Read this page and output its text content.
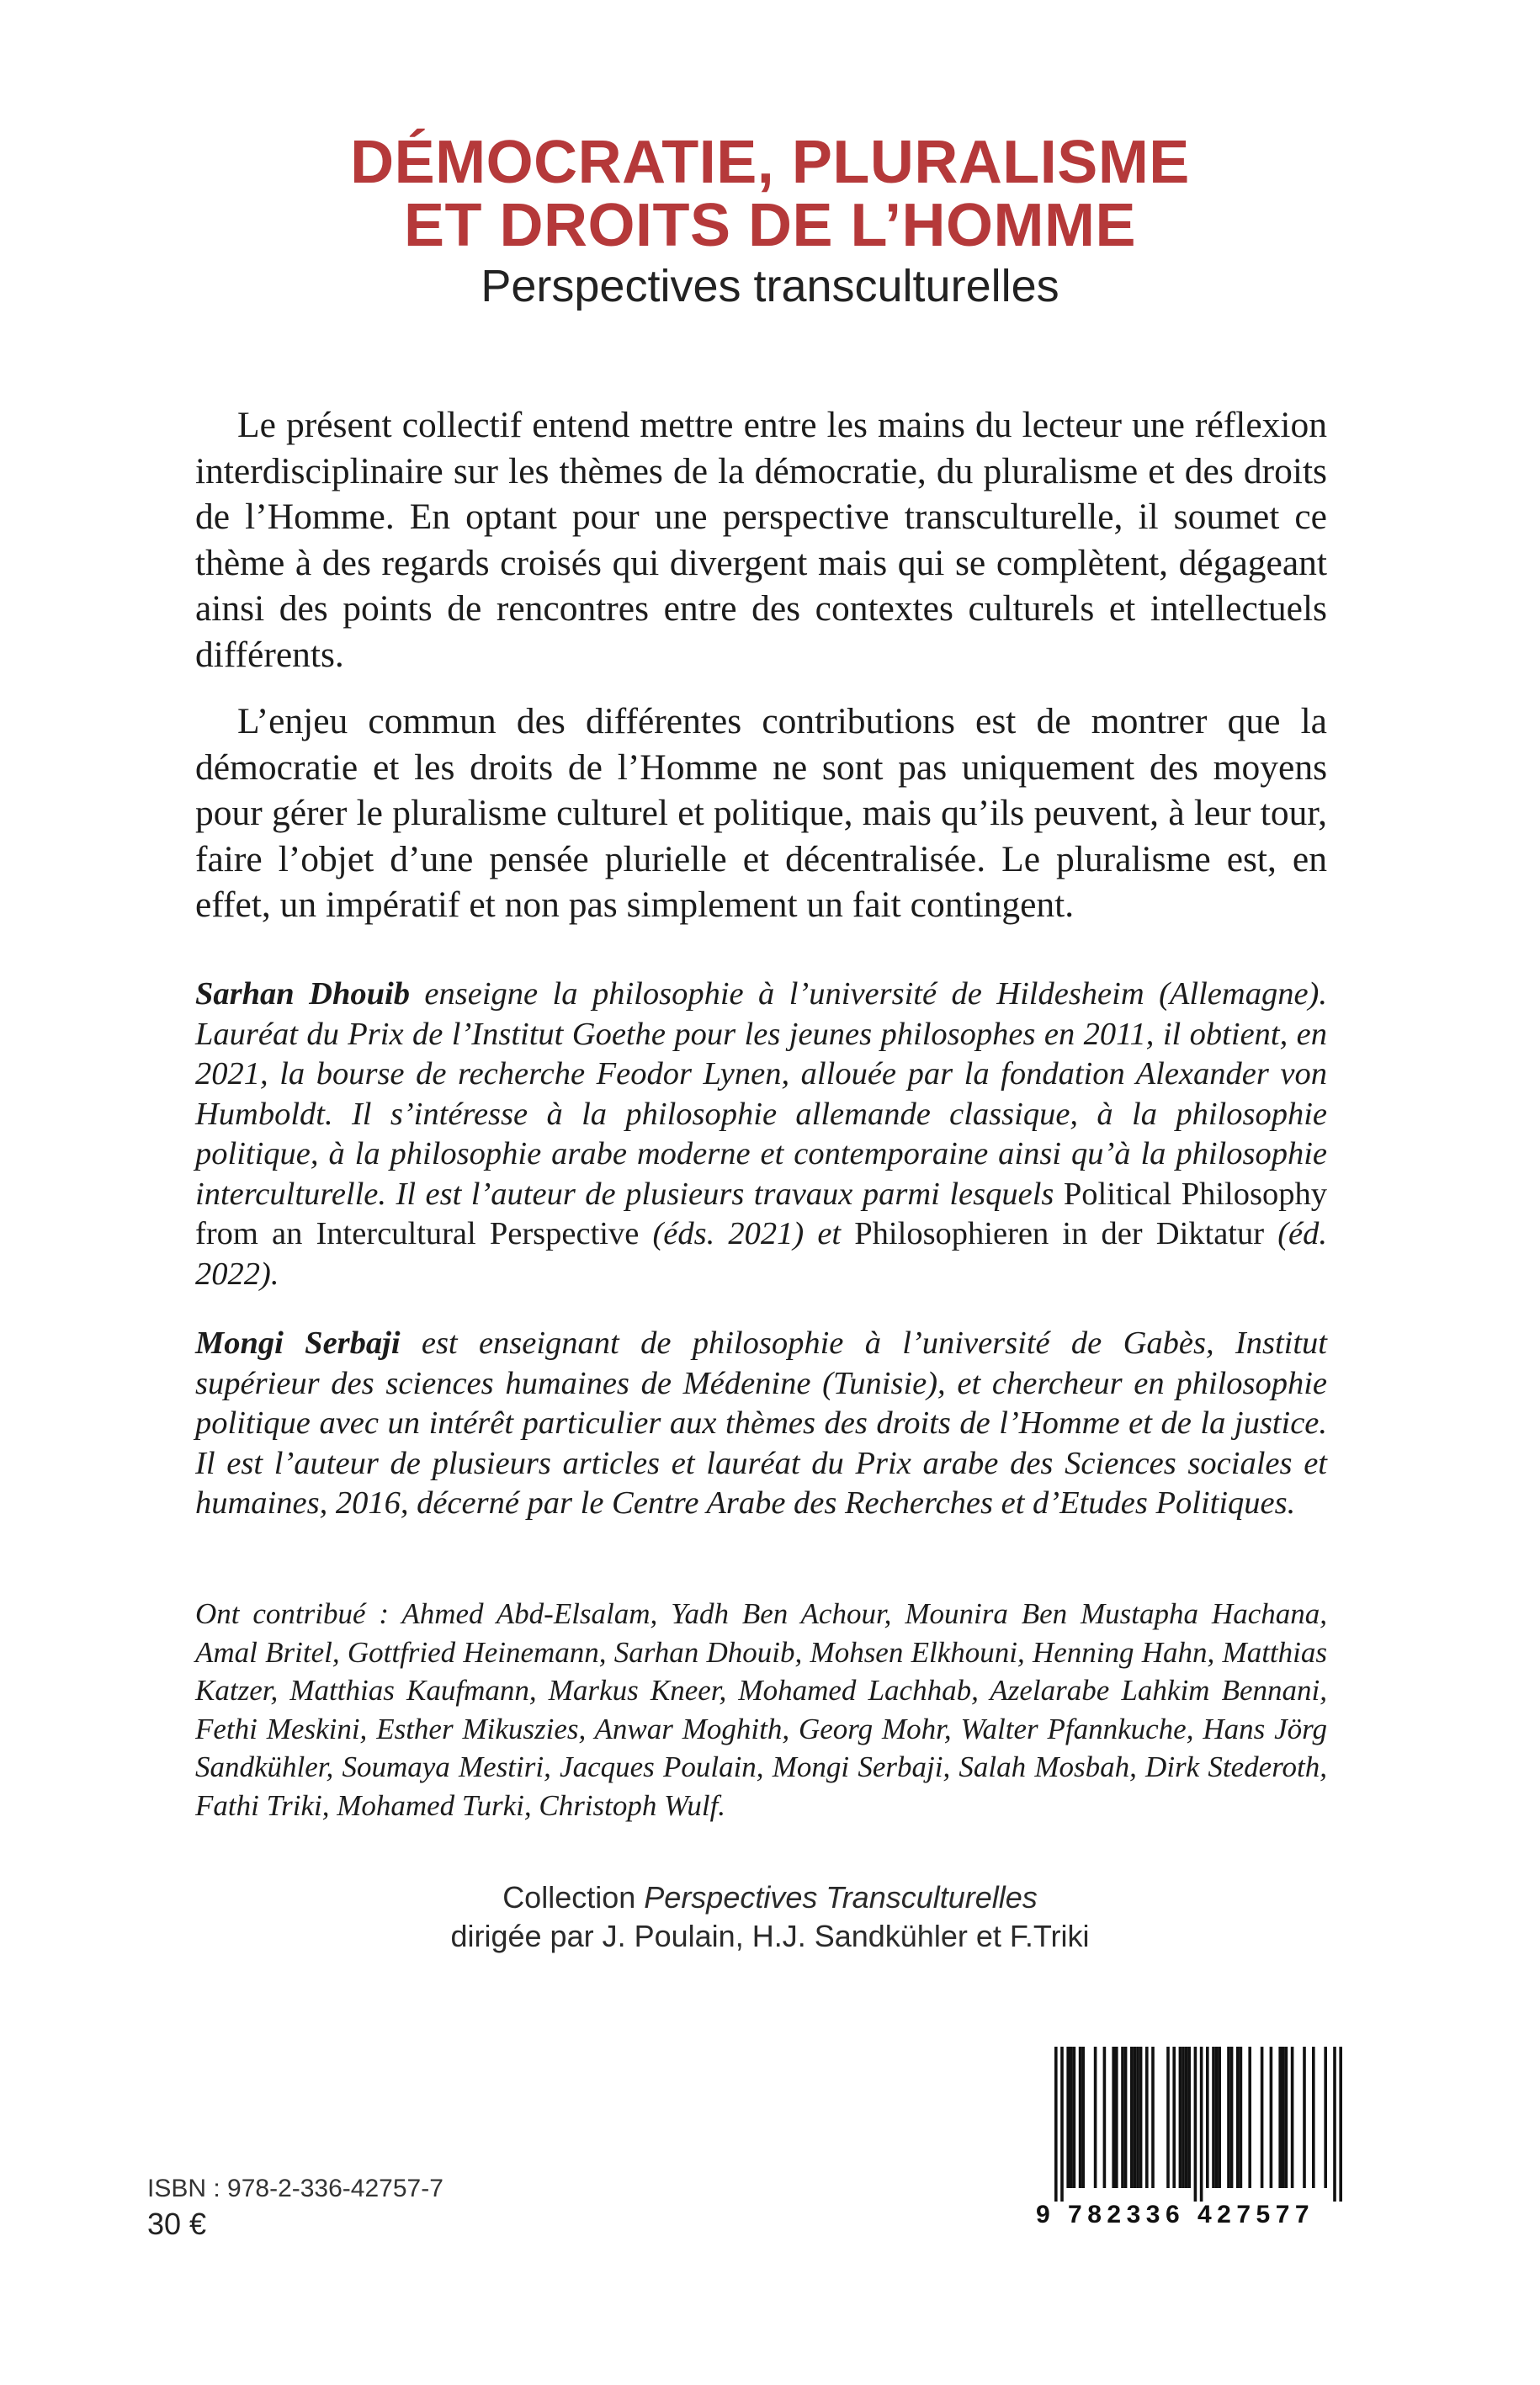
DÉMOCRATIE, PLURALISME
ET DROITS DE L’HOMME
Perspectives transculturelles

Le présent collectif entend mettre entre les mains du lecteur une réflexion interdisciplinaire sur les thèmes de la démocratie, du pluralisme et des droits de l’Homme. En optant pour une perspective transculturelle, il soumet ce thème à des regards croisés qui divergent mais qui se complètent, dégageant ainsi des points de rencontres entre des contextes culturels et intellectuels différents.

L’enjeu commun des différentes contributions est de montrer que la démocratie et les droits de l’Homme ne sont pas uniquement des moyens pour gérer le pluralisme culturel et politique, mais qu’ils peuvent, à leur tour, faire l’objet d’une pensée plurielle et décentralisée. Le pluralisme est, en effet, un impératif et non pas simplement un fait contingent.

Sarhan Dhouib enseigne la philosophie à l’université de Hildesheim (Allemagne). Lauréat du Prix de l’Institut Goethe pour les jeunes philosophes en 2011, il obtient, en 2021, la bourse de recherche Feodor Lynen, allouée par la fondation Alexander von Humboldt. Il s’intéresse à la philosophie allemande classique, à la philosophie politique, à la philosophie arabe moderne et contemporaine ainsi qu’à la philosophie interculturelle. Il est l’auteur de plusieurs travaux parmi lesquels Political Philosophy from an Intercultural Perspective (éds. 2021) et Philosophieren in der Diktatur (éd. 2022).

Mongi Serbaji est enseignant de philosophie à l’université de Gabès, Institut supérieur des sciences humaines de Médenine (Tunisie), et chercheur en philosophie politique avec un intérêt particulier aux thèmes des droits de l’Homme et de la justice. Il est l’auteur de plusieurs articles et lauréat du Prix arabe des Sciences sociales et humaines, 2016, décerné par le Centre Arabe des Recherches et d’Etudes Politiques.

Ont contribué : Ahmed Abd-Elsalam, Yadh Ben Achour, Mounira Ben Mustapha Hachana, Amal Britel, Gottfried Heinemann, Sarhan Dhouib, Mohsen Elkhouni, Henning Hahn, Matthias Katzer, Matthias Kaufmann, Markus Kneer, Mohamed Lachhab, Azelarabe Lahkim Bennani, Fethi Meskini, Esther Mikuszies, Anwar Moghith, Georg Mohr, Walter Pfannkuche, Hans Jörg Sandkühler, Soumaya Mestiri, Jacques Poulain, Mongi Serbaji, Salah Mosbah, Dirk Stederoth, Fathi Triki, Mohamed Turki, Christoph Wulf.

Collection Perspectives Transculturelles
dirigée par J. Poulain, H.J. Sandkühler et F.Triki
ISBN : 978-2-336-42757-7
30 €	9 782336 427577
